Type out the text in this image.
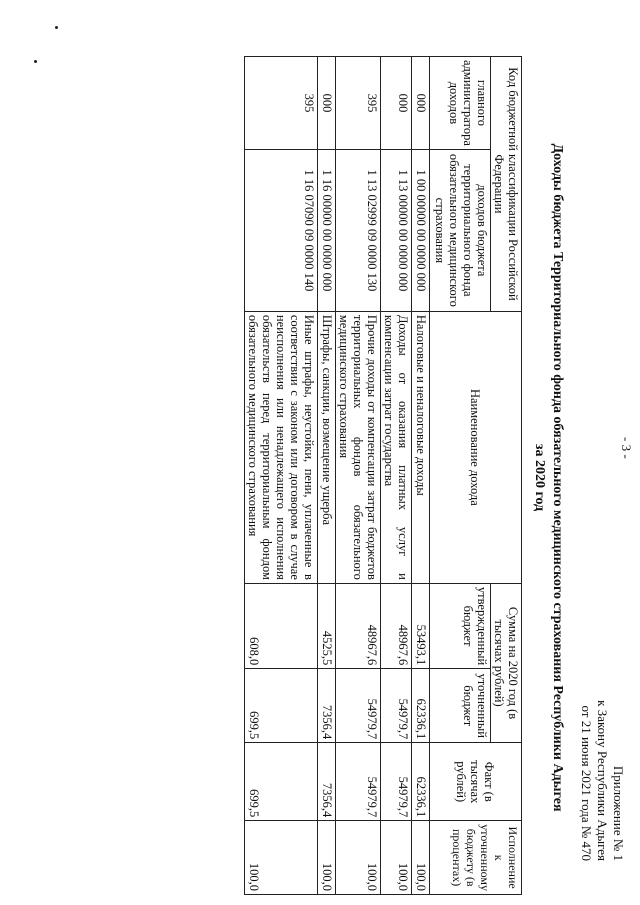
- 3 -
Приложение № 1
к Закону Республики Адыгея
от 21 июня 2021 года № 470
Доходы бюджета Территориального фонда обязательного медицинского страхования Республики Адыгея
за 2020 год
Код бюджетной классификации Российской Федерации		Наименование дохода	Сумма на 2020 год (в тысячах рублей)		Факт (в тысячах рублей)	Исполнение к уточненному бюджету (в процентах)
главного администратора доходов	доходов бюджета территориального фонда обязательного медицинского страхования		утвержденный бюджет	уточненный бюджет		

000	1 00 00000 00 0000 000	Налоговые и неналоговые доходы	53493,1	62336,1	62336,1	100,0
000	1 13 00000 00 0000 000	Доходы от оказания платных услуг и компенсации затрат государства	48967,6	54979,7	54979,7	100,0
395	1 13 02999 09 0000 130	Прочие доходы от компенсации затрат бюджетов территориальных фондов обязательного медицинского страхования	48967,6	54979,7	54979,7	100,0
000	1 16 00000 00 0000 000	Штрафы, санкции, возмещение ущерба	4525,5	7356,4	7356,4	100,0
395	1 16 07090 09 0000 140	Иные штрафы, неустойки, пени, уплаченные в соответствии с законом или договором в случае неисполнения или ненадлежащего исполнения обязательств перед территориальным фондом обязательного медицинского страхования	608,0	699,5	699,5	100,0
